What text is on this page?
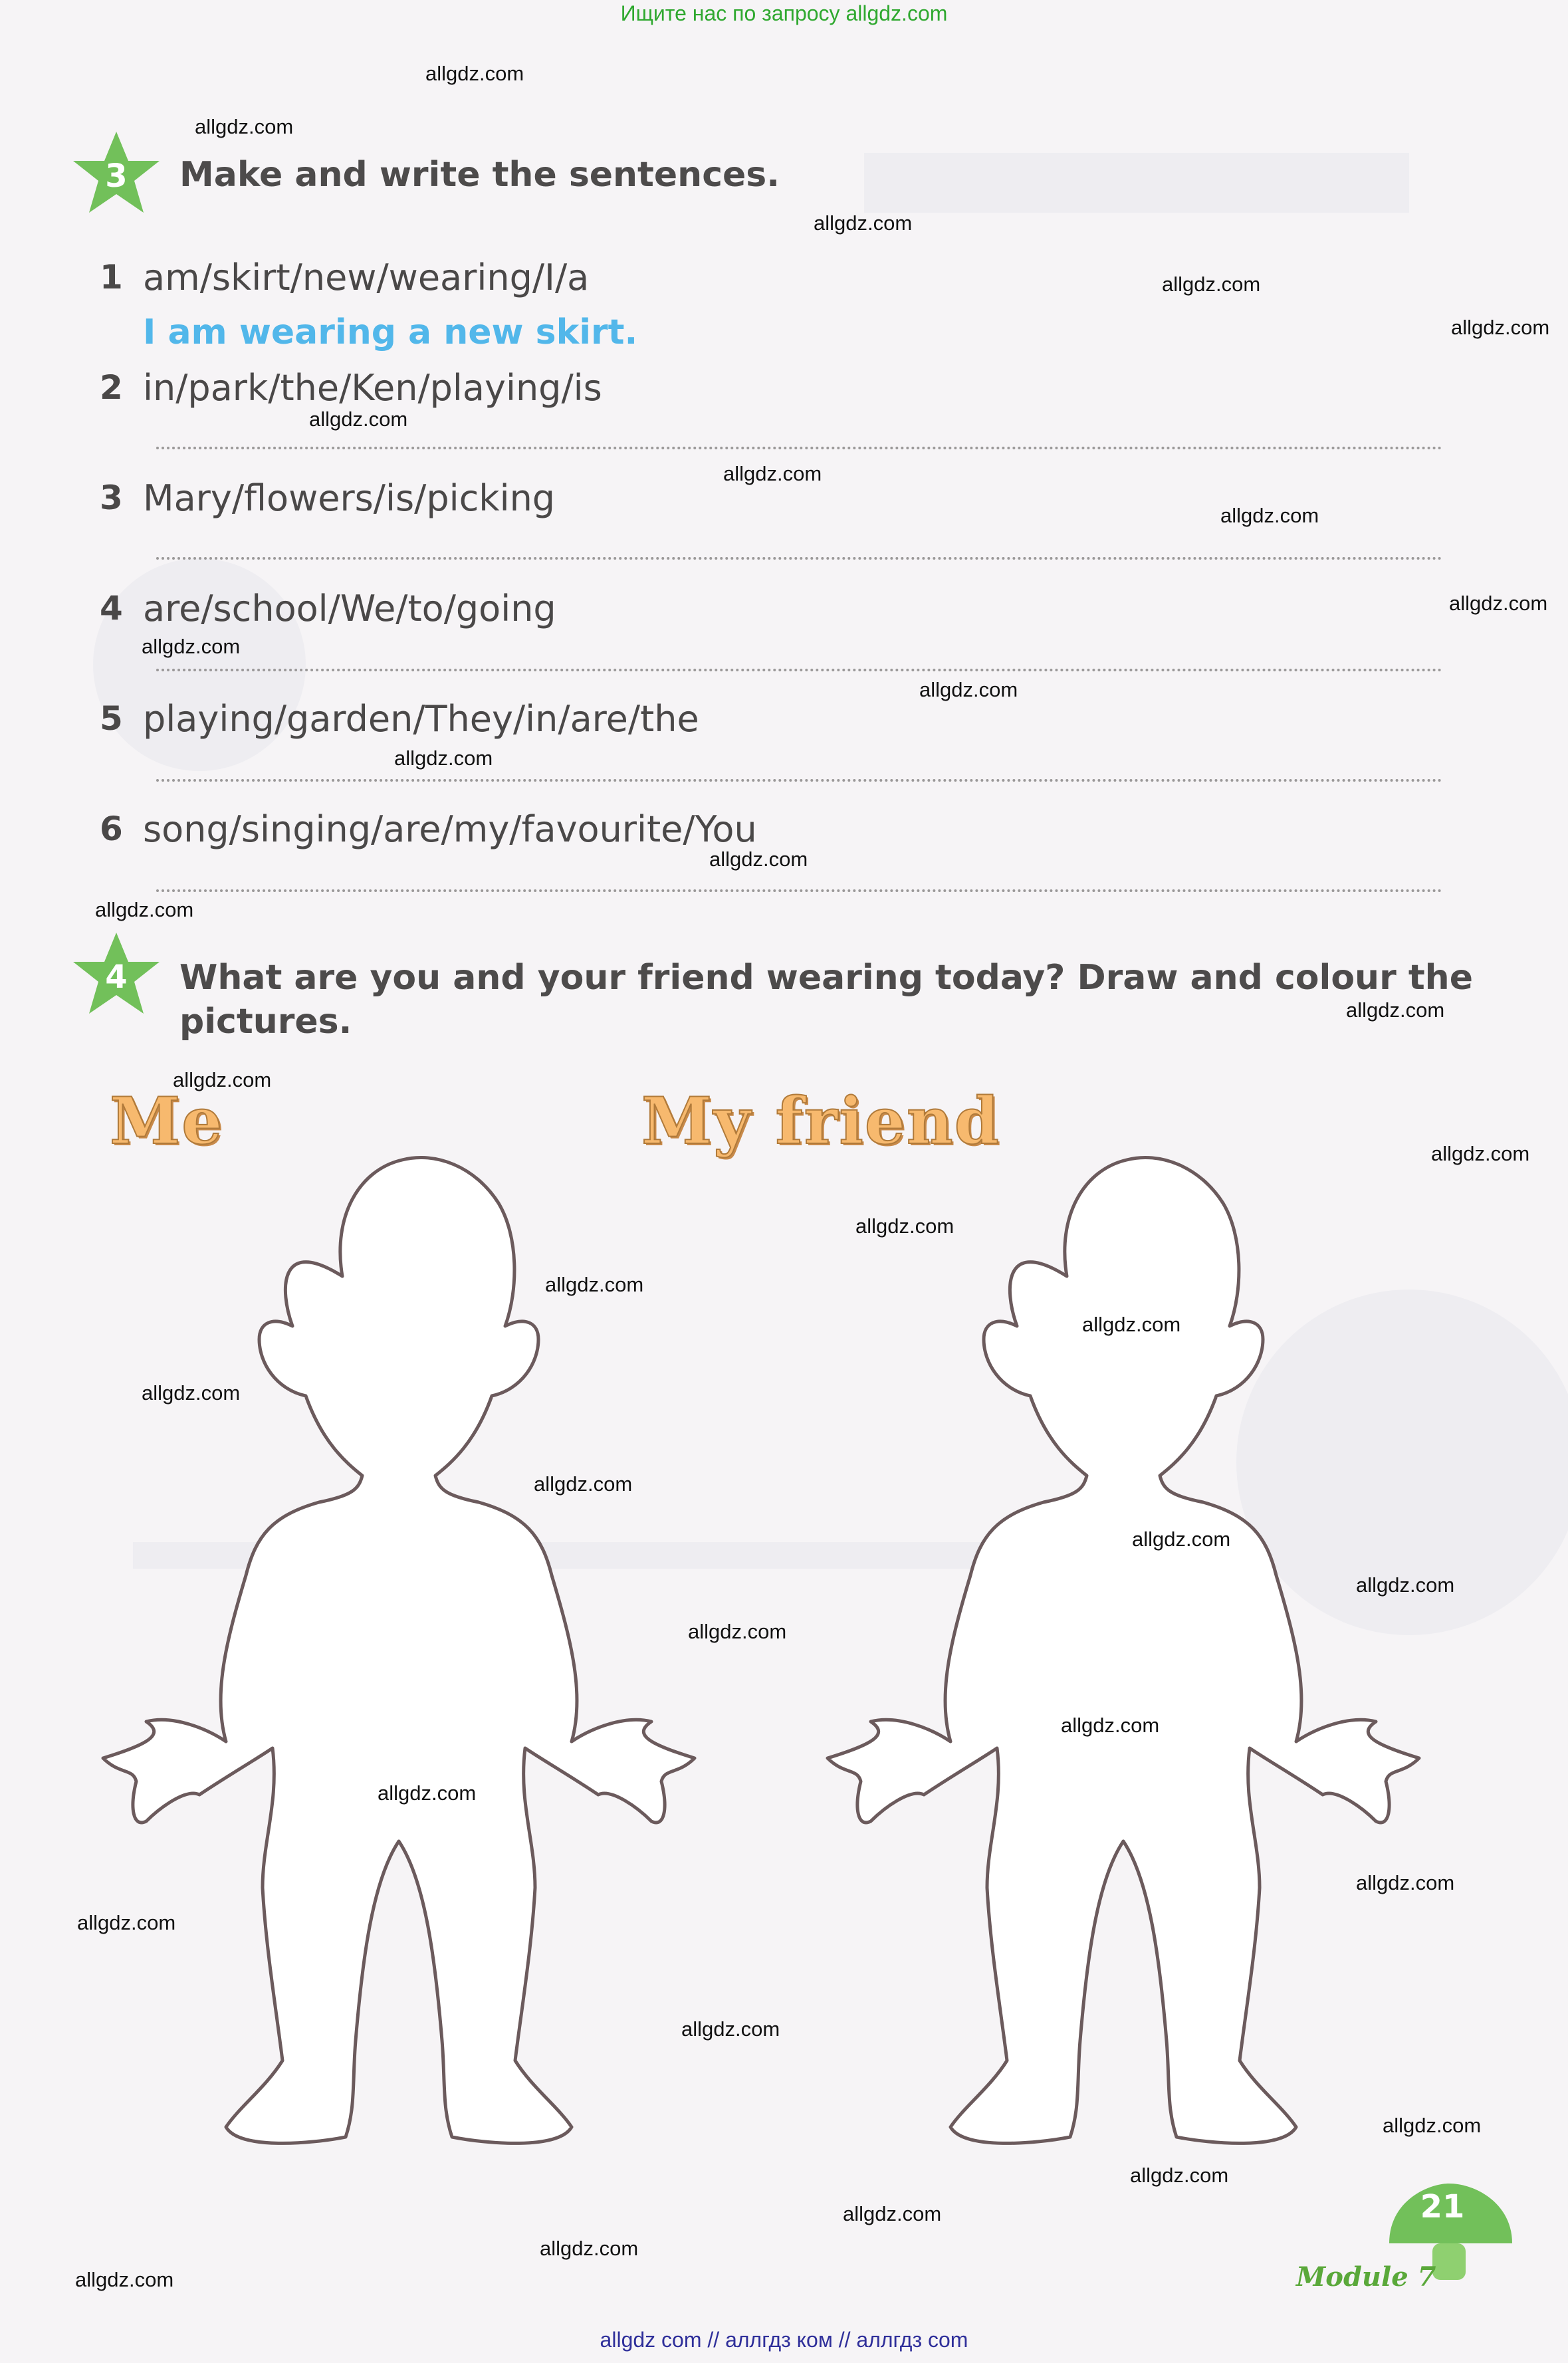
Ищите нас по запросу allgdz.com
3	Make and write the sentences.
1 am/skirt/new/wearing/I/a
I am wearing a new skirt.
2 in/park/the/Ken/playing/is
3 Mary/flowers/is/picking
4 are/school/We/to/going
5 playing/garden/They/in/are/the
6 song/singing/are/my/favourite/You
4	What are you and your friend wearing today? Draw and colour the
pictures.
Me	My friend
21
Module 7
allgdz.com
allgdz.com
allgdz.com
allgdz.com
allgdz.com
allgdz.com
allgdz.com
allgdz.com
allgdz.com
allgdz.com
allgdz.com
allgdz.com
allgdz.com
allgdz.com
allgdz.com
allgdz.com
allgdz.com
allgdz.com
allgdz.com
allgdz.com
allgdz.com
allgdz.com
allgdz.com
allgdz.com
allgdz.com
allgdz.com
allgdz.com
allgdz.com
allgdz.com
allgdz.com
allgdz.com
allgdz.com
allgdz.com
allgdz.com
allgdz.com
allgdz com // аллгдз ком // аллгдз com
